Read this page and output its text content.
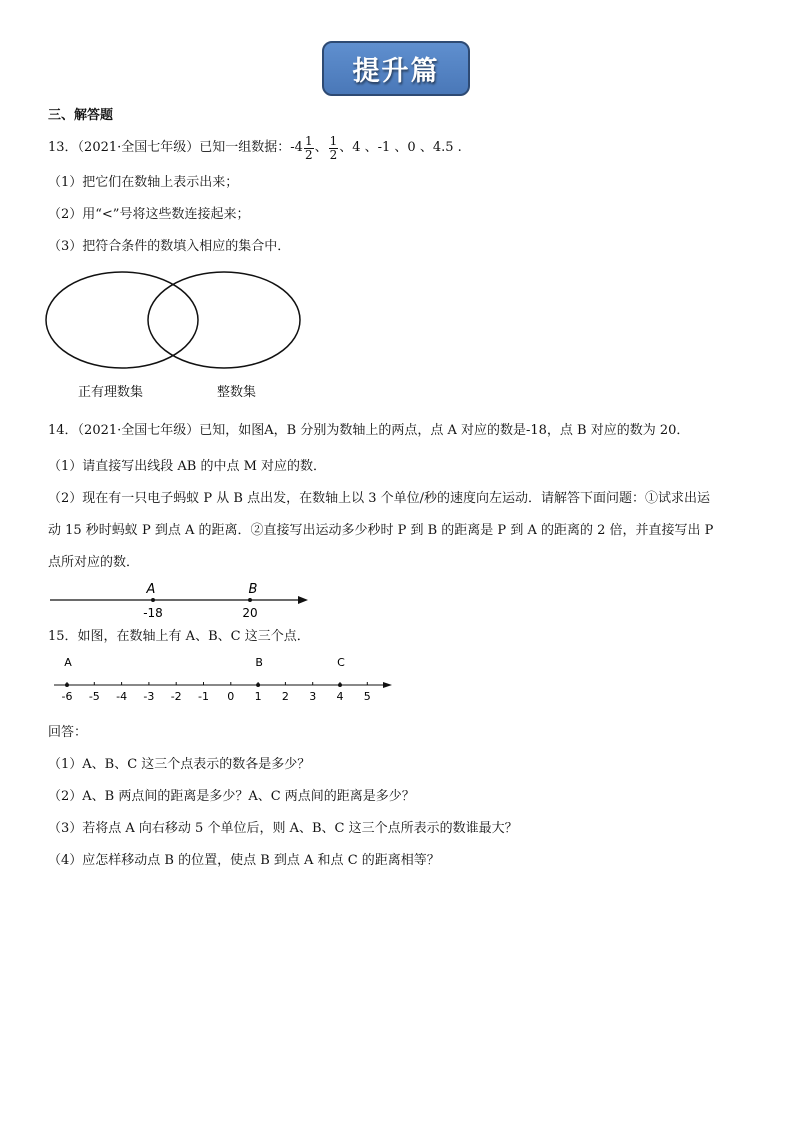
提升篇
三、解答题
13．（2021·全国七年级）已知一组数据： $-4 \frac{1}{2}$ 、 $\frac{1}{2}$ 、4 、-1 、0 、4.5 .
（1）把它们在数轴上表示出来；
（2）用“<”号将这些数连接起来；
（3）把符合条件的数填入相应的集合中．
正有理数集	整数集
14．（2021·全国七年级）已知，如图A，B 分别为数轴上的两点，点 A 对应的数是-18，点 B 对应的数为 20．
（1）请直接写出线段 AB 的中点 M 对应的数．
（2）现在有一只电子蚂蚁 P 从 B 点出发，在数轴上以 3 个单位/秒的速度向左运动．请解答下面问题：①试求出运
动 15 秒时蚂蚁 P 到点 A 的距离．②直接写出运动多少秒时 P 到 B 的距离是 P 到 A 的距离的 2 倍，并直接写出 P
点所对应的数．
A	B
-18	20
15．如图，在数轴上有 A、B、C 这三个点．
-6 -5 -4 -3 -2 -1 0 1 2 3 4 5
A	B	C
回答：
（1）A、B、C 这三个点表示的数各是多少？
（2）A、B 两点间的距离是多少？A、C 两点间的距离是多少？
（3）若将点 A 向右移动 5 个单位后，则 A、B、C 这三个点所表示的数谁最大？
（4）应怎样移动点 B 的位置，使点 B 到点 A 和点 C 的距离相等？
